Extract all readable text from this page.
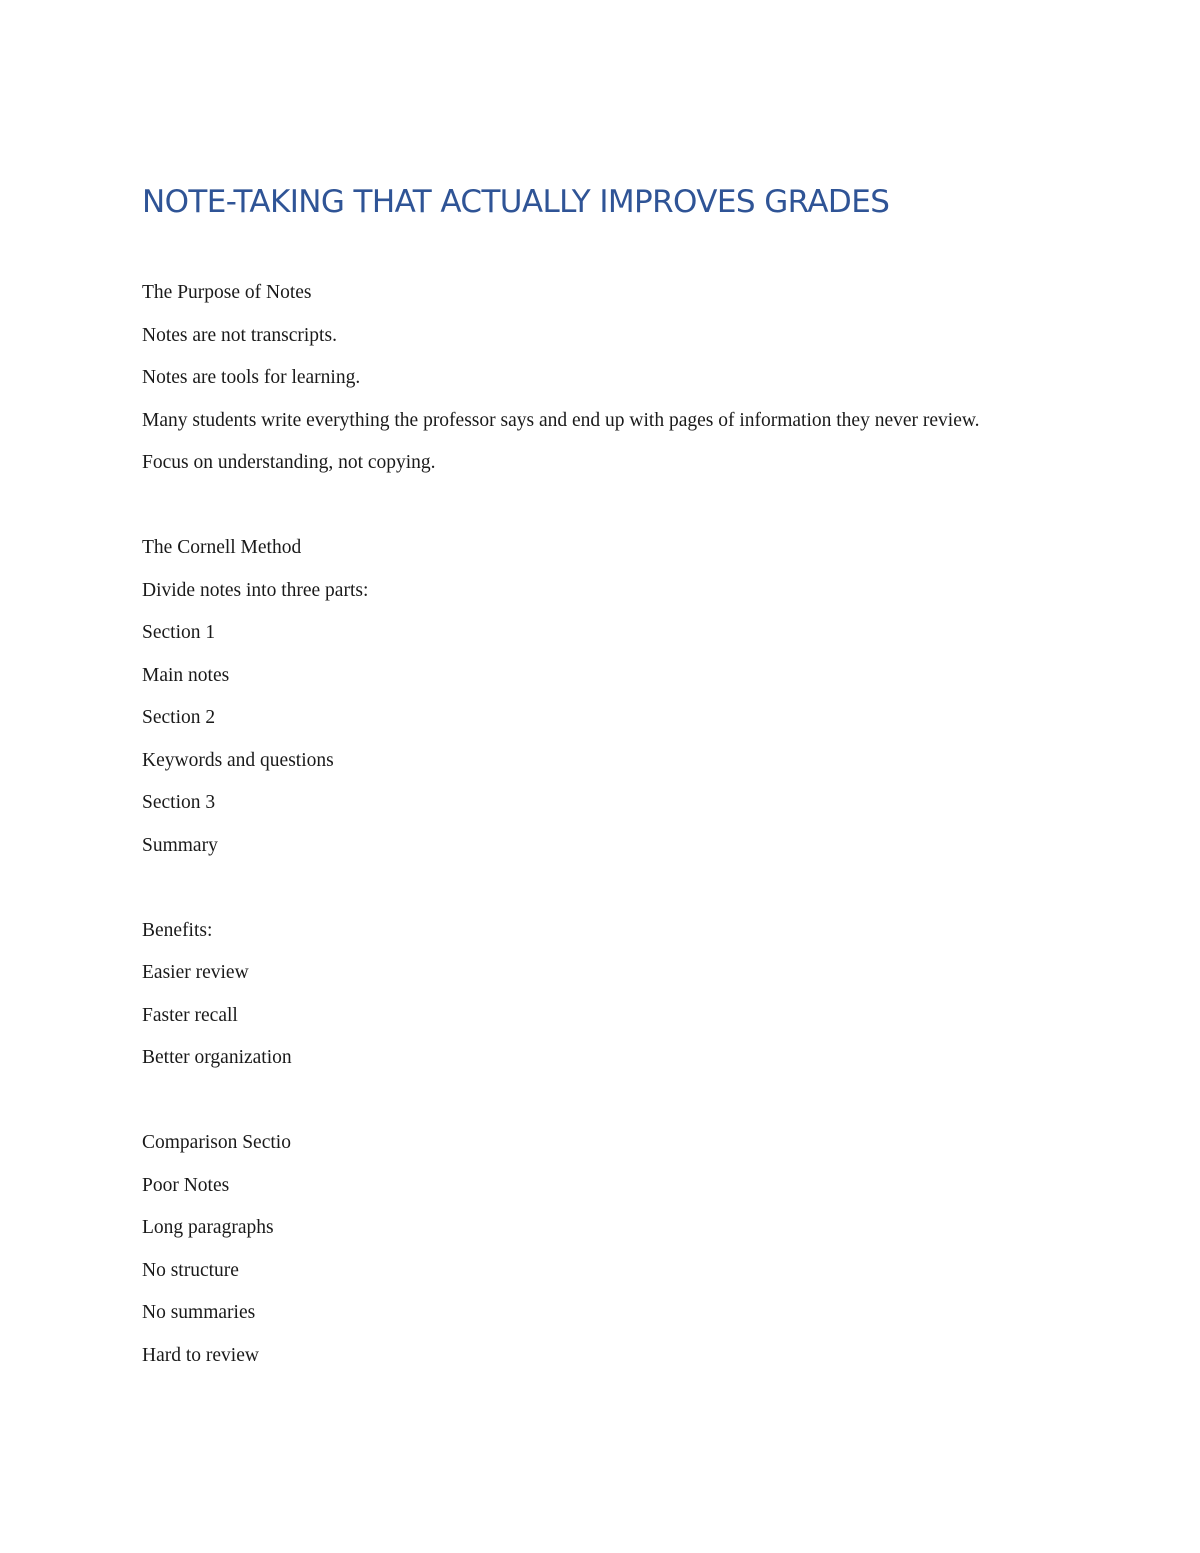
NOTE-TAKING THAT ACTUALLY IMPROVES GRADES

The Purpose of Notes

Notes are not transcripts.

Notes are tools for learning.

Many students write everything the professor says and end up with pages of information they never review.

Focus on understanding, not copying.

The Cornell Method

Divide notes into three parts:

Section 1

Main notes

Section 2

Keywords and questions

Section 3

Summary

Benefits:

Easier review

Faster recall

Better organization

Comparison Sectio

Poor Notes

Long paragraphs

No structure

No summaries

Hard to review
